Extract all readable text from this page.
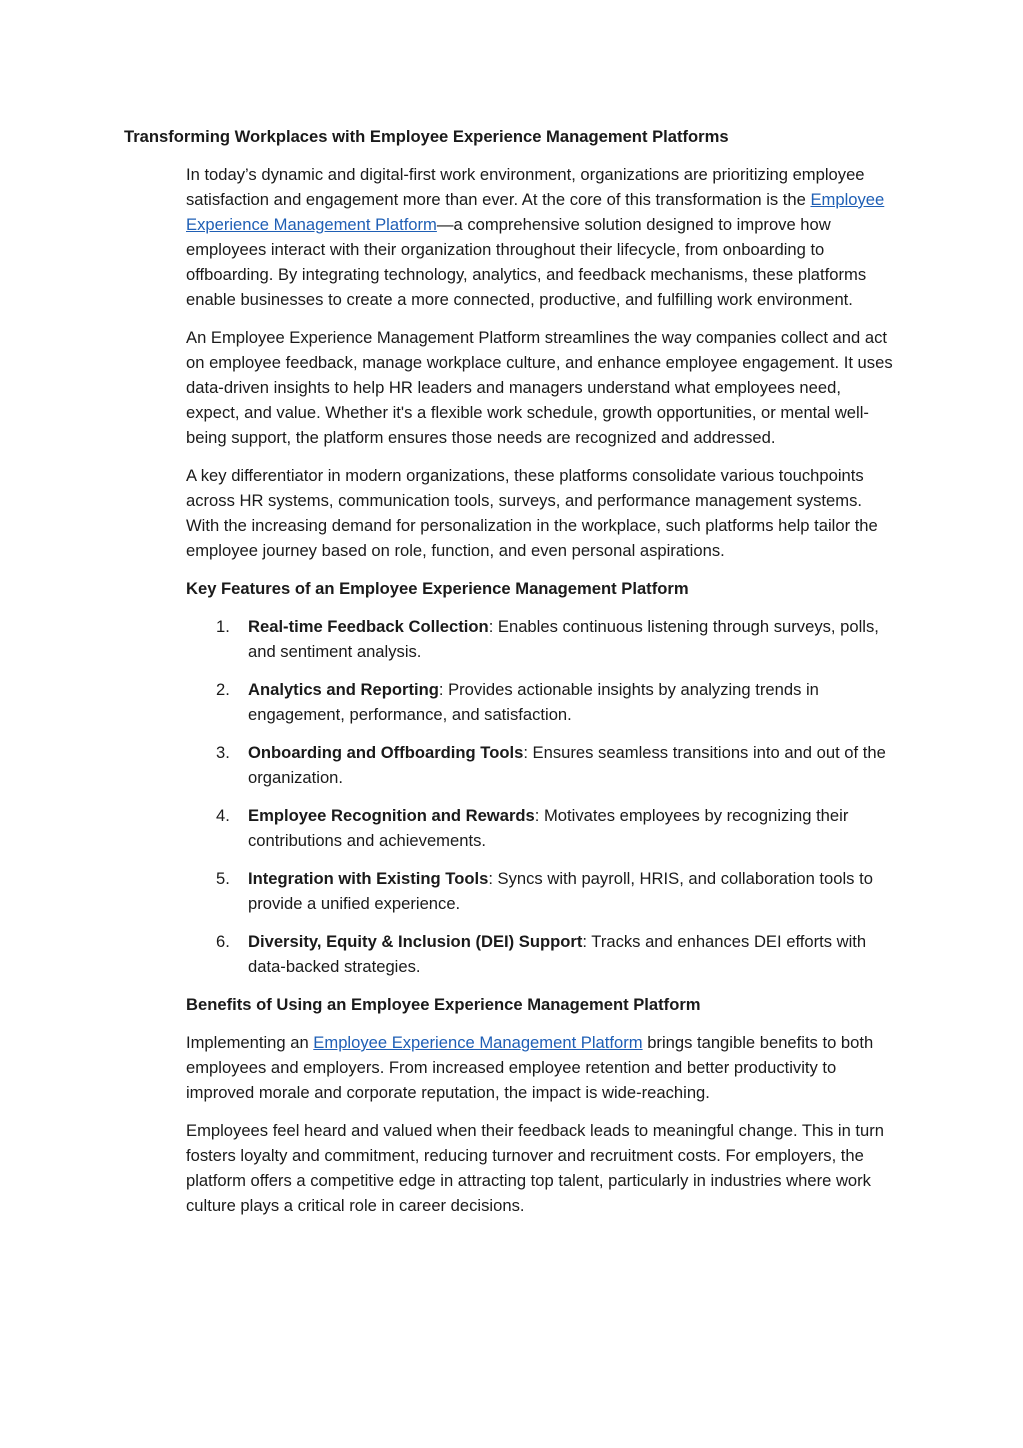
Transforming Workplaces with Employee Experience Management Platforms

In today’s dynamic and digital-first work environment, organizations are prioritizing employee satisfaction and engagement more than ever. At the core of this transformation is the Employee Experience Management Platform—a comprehensive solution designed to improve how employees interact with their organization throughout their lifecycle, from onboarding to offboarding. By integrating technology, analytics, and feedback mechanisms, these platforms enable businesses to create a more connected, productive, and fulfilling work environment.

An Employee Experience Management Platform streamlines the way companies collect and act on employee feedback, manage workplace culture, and enhance employee engagement. It uses data-driven insights to help HR leaders and managers understand what employees need, expect, and value. Whether it's a flexible work schedule, growth opportunities, or mental well-being support, the platform ensures those needs are recognized and addressed.

A key differentiator in modern organizations, these platforms consolidate various touchpoints across HR systems, communication tools, surveys, and performance management systems. With the increasing demand for personalization in the workplace, such platforms help tailor the employee journey based on role, function, and even personal aspirations.

Key Features of an Employee Experience Management Platform
1. Real-time Feedback Collection: Enables continuous listening through surveys, polls, and sentiment analysis.
2. Analytics and Reporting: Provides actionable insights by analyzing trends in engagement, performance, and satisfaction.
3. Onboarding and Offboarding Tools: Ensures seamless transitions into and out of the organization.
4. Employee Recognition and Rewards: Motivates employees by recognizing their contributions and achievements.
5. Integration with Existing Tools: Syncs with payroll, HRIS, and collaboration tools to provide a unified experience.
6. Diversity, Equity & Inclusion (DEI) Support: Tracks and enhances DEI efforts with data-backed strategies.
Benefits of Using an Employee Experience Management Platform

Implementing an Employee Experience Management Platform brings tangible benefits to both employees and employers. From increased employee retention and better productivity to improved morale and corporate reputation, the impact is wide-reaching.

Employees feel heard and valued when their feedback leads to meaningful change. This in turn fosters loyalty and commitment, reducing turnover and recruitment costs. For employers, the platform offers a competitive edge in attracting top talent, particularly in industries where work culture plays a critical role in career decisions.
